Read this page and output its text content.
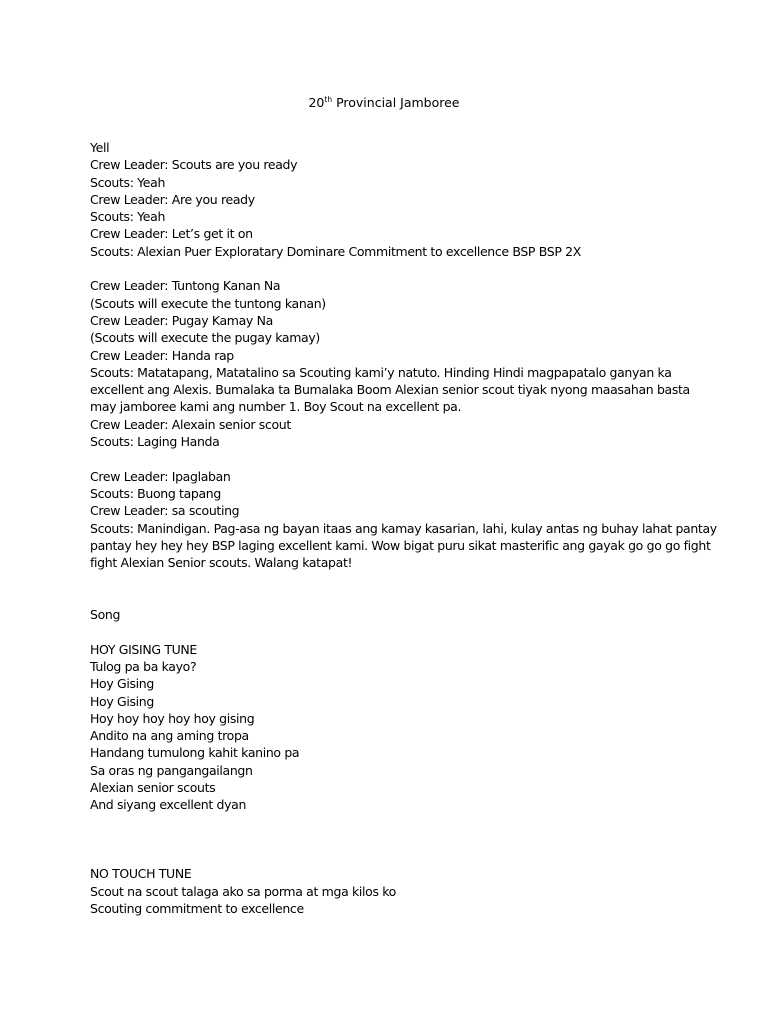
20th Provincial Jamboree
Yell
Crew Leader: Scouts are you ready
Scouts: Yeah
Crew Leader: Are you ready
Scouts: Yeah
Crew Leader: Let’s get it on
Scouts: Alexian Puer Exploratary Dominare Commitment to excellence BSP BSP 2X
Crew Leader: Tuntong Kanan Na
(Scouts will execute the tuntong kanan)
Crew Leader: Pugay Kamay Na
(Scouts will execute the pugay kamay)
Crew Leader: Handa rap
Scouts: Matatapang, Matatalino sa Scouting kami’y natuto. Hinding Hindi magpapatalo ganyan ka
excellent ang Alexis. Bumalaka ta Bumalaka Boom Alexian senior scout tiyak nyong maasahan basta
may jamboree kami ang number 1. Boy Scout na excellent pa.
Crew Leader: Alexain senior scout
Scouts: Laging Handa
Crew Leader: Ipaglaban
Scouts: Buong tapang
Crew Leader: sa scouting
Scouts: Manindigan. Pag-asa ng bayan itaas ang kamay kasarian, lahi, kulay antas ng buhay lahat pantay
pantay hey hey hey BSP laging excellent kami. Wow bigat puru sikat masterific ang gayak go go go fight
fight Alexian Senior scouts. Walang katapat!
Song
HOY GISING TUNE
Tulog pa ba kayo?
Hoy Gising
Hoy Gising
Hoy hoy hoy hoy hoy gising
Andito na ang aming tropa
Handang tumulong kahit kanino pa
Sa oras ng pangangailangn
Alexian senior scouts
And siyang excellent dyan
NO TOUCH TUNE
Scout na scout talaga ako sa porma at mga kilos ko
Scouting commitment to excellence
